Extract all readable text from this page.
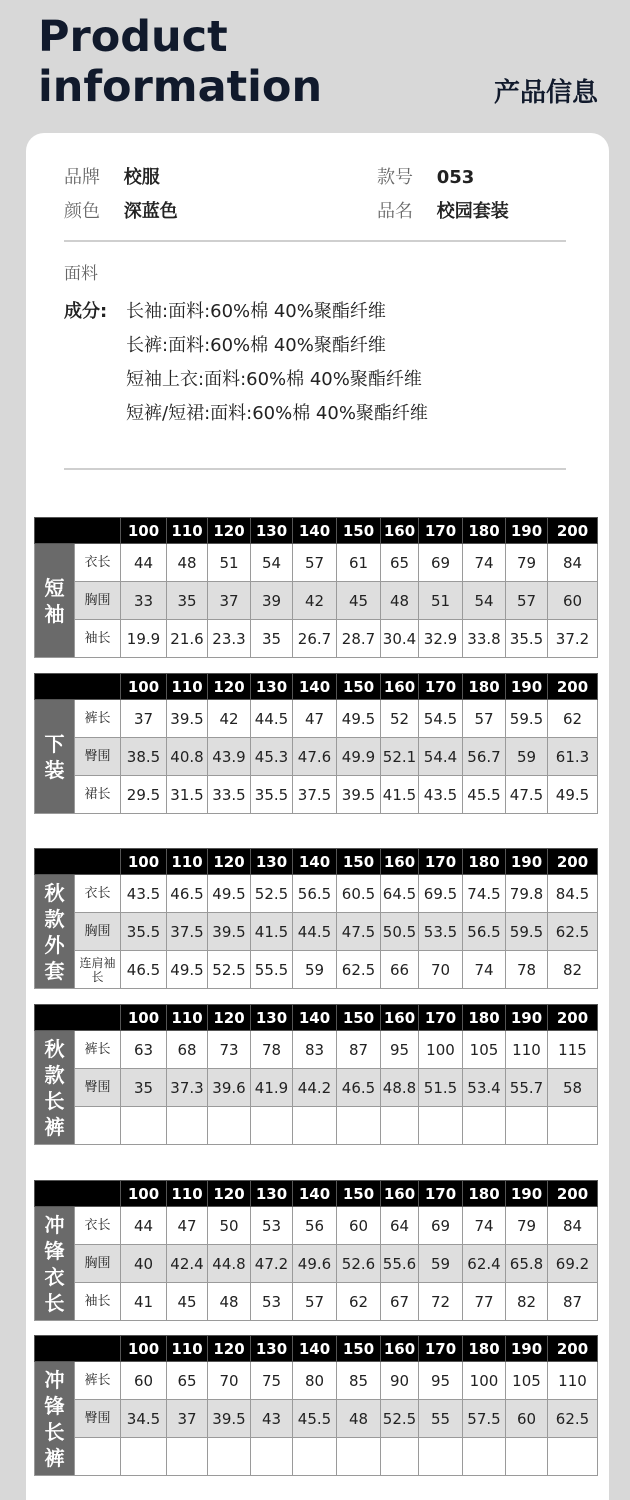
Product
information	产品信息
品牌 校服	款号 053
颜色 深蓝色	品名 校园套装
面料
成分: 长袖:面料:60%棉 40%聚酯纤维
长裤:面料:60%棉 40%聚酯纤维
短袖上衣:面料:60%棉 40%聚酯纤维
短裤/短裙:面料:60%棉 40%聚酯纤维
		100	110	120	130	140	150	160	170	180	190	200
短袖	衣长	44	48	51	54	57	61	65	69	74	79	84
	胸围	33	35	37	39	42	45	48	51	54	57	60
	袖长	19.9	21.6	23.3	35	26.7	28.7	30.4	32.9	33.8	35.5	37.2
		100	110	120	130	140	150	160	170	180	190	200
下装	裤长	37	39.5	42	44.5	47	49.5	52	54.5	57	59.5	62
	臀围	38.5	40.8	43.9	45.3	47.6	49.9	52.1	54.4	56.7	59	61.3
	裙长	29.5	31.5	33.5	35.5	37.5	39.5	41.5	43.5	45.5	47.5	49.5
		100	110	120	130	140	150	160	170	180	190	200
秋款外套	衣长	43.5	46.5	49.5	52.5	56.5	60.5	64.5	69.5	74.5	79.8	84.5
	胸围	35.5	37.5	39.5	41.5	44.5	47.5	50.5	53.5	56.5	59.5	62.5
	连肩袖长	46.5	49.5	52.5	55.5	59	62.5	66	70	74	78	82
		100	110	120	130	140	150	160	170	180	190	200
秋款长裤	裤长	63	68	73	78	83	87	95	100	105	110	115
	臀围	35	37.3	39.6	41.9	44.2	46.5	48.8	51.5	53.4	55.7	58

		100	110	120	130	140	150	160	170	180	190	200
冲锋衣长	衣长	44	47	50	53	56	60	64	69	74	79	84
	胸围	40	42.4	44.8	47.2	49.6	52.6	55.6	59	62.4	65.8	69.2
	袖长	41	45	48	53	57	62	67	72	77	82	87
		100	110	120	130	140	150	160	170	180	190	200
冲锋长裤	裤长	60	65	70	75	80	85	90	95	100	105	110
	臀围	34.5	37	39.5	43	45.5	48	52.5	55	57.5	60	62.5
